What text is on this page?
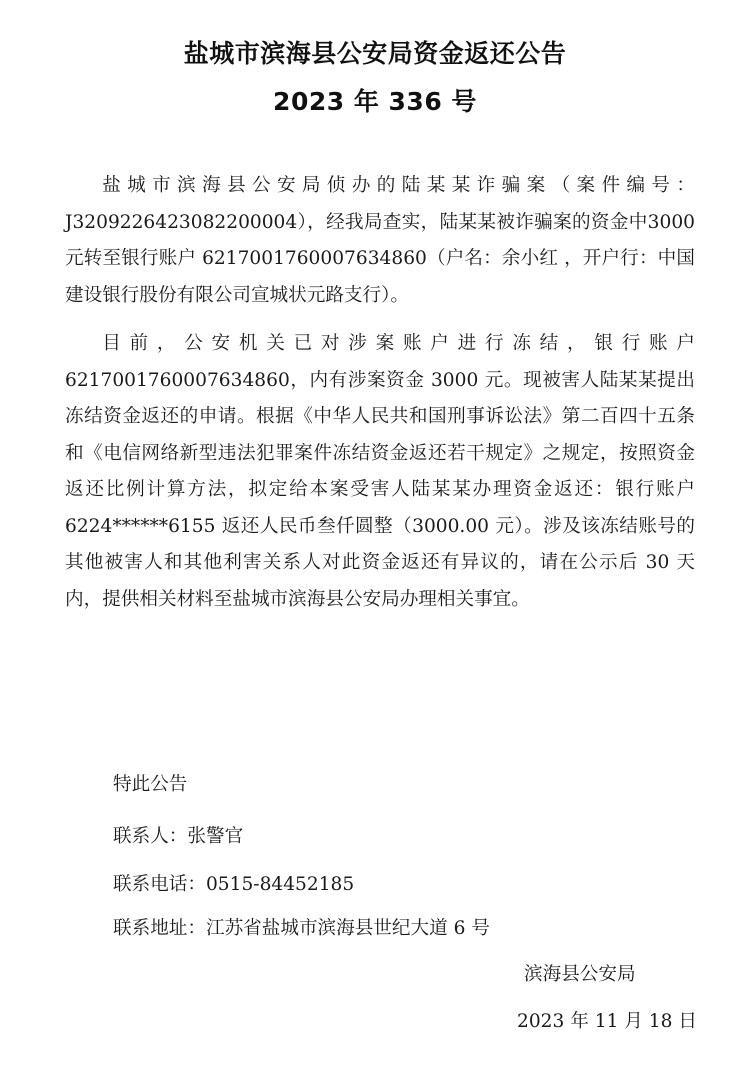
盐城市滨海县公安局资金返还公告
2023 年 336 号

盐城市滨海县公安局侦办的陆某某诈骗案（案件编号：J3209226423082200004），经我局查实，陆某某被诈骗案的资金中3000 元转至银行账户 6217001760007634860（户名：余小红 ，开户行：中国建设银行股份有限公司宣城状元路支行）。

目前，公安机关已对涉案账户进行冻结，银行账户6217001760007634860，内有涉案资金 3000 元。现被害人陆某某提出冻结资金返还的申请。根据《中华人民共和国刑事诉讼法》第二百四十五条和《电信网络新型违法犯罪案件冻结资金返还若干规定》之规定，按照资金返还比例计算方法，拟定给本案受害人陆某某办理资金返还：银行账户 6224******6155 返还人民币叁仟圆整（3000.00 元）。涉及该冻结账号的其他被害人和其他利害关系人对此资金返还有异议的，请在公示后 30 天内，提供相关材料至盐城市滨海县公安局办理相关事宜。

特此公告
联系人：张警官
联系电话：0515-84452185
联系地址：江苏省盐城市滨海县世纪大道 6 号
滨海县公安局
2023 年 11 月 18 日
